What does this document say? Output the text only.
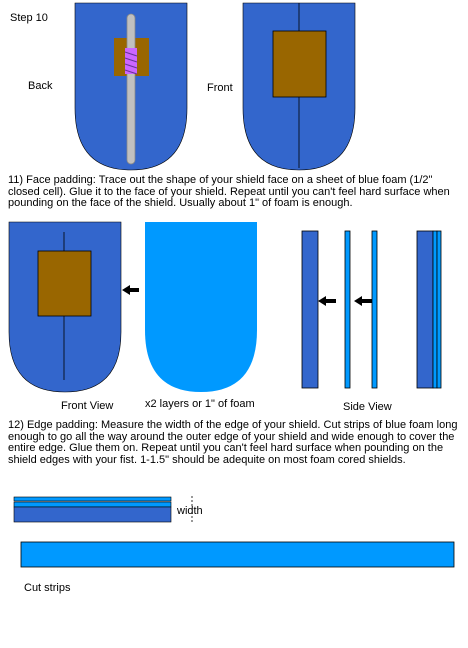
Step 10
Back	Front
11) Face padding: Trace out the shape of your shield face on a sheet of blue foam (1/2" closed cell). Glue it to the face of your shield. Repeat until you can't feel hard surface when pounding on the face of the shield. Usually about 1" of foam is enough.
Front View	x2 layers or 1" of foam	Side View
12) Edge padding: Measure the width of the edge of your shield. Cut strips of blue foam long enough to go all the way around the outer edge of your shield and wide enough to cover the entire edge. Glue them on. Repeat until you can't feel hard surface when pounding on the shield edges with your fist. 1-1.5" should be adequite on most foam cored shields.
width
Cut strips
